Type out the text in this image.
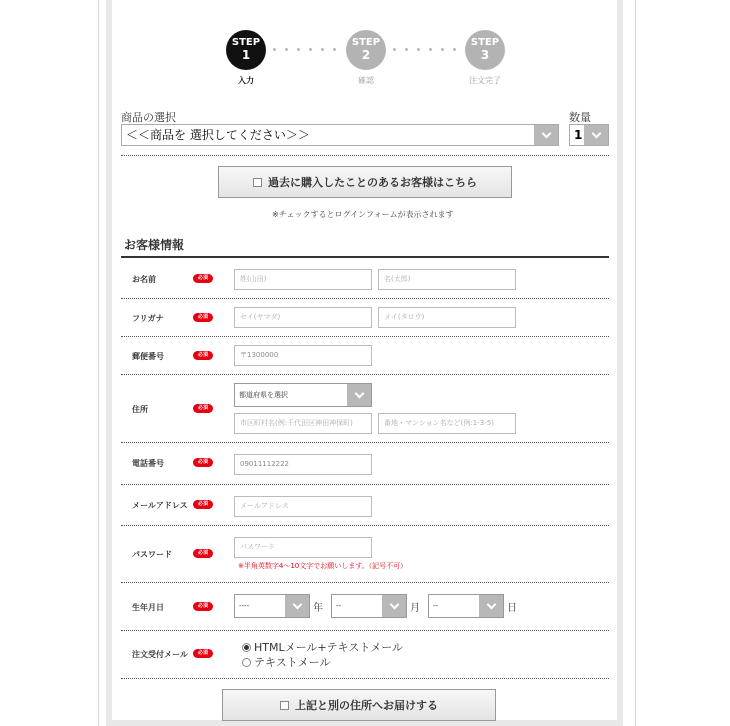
STEP
1
入力
STEP
2
確認
STEP
3
注文完了
商品の選択
＜＜商品を 選択してください＞＞
数量
1
過去に購入したことのあるお客様はこちら
※チェックするとログインフォームが表示されます
お客様情報
お名前	必須	姓(山田)	名(太郎)
フリガナ	必須	セイ(ヤマダ)	メイ(タロウ)
郵便番号	必須	〒1300000
住所	必須
都道府県を選択
市区町村名(例:千代田区神田神保町)	番地・マンション名など(例:1-3-5)
電話番号	必須	09011112222
メールアドレス	必須	メールアドレス
パスワード	必須
パスワード
※半角英数字4～10文字でお願いします。（記号不可）
生年月日	必須	----	年	--	月	--	日
注文受付メール	必須	HTMLメール+テキストメール
テキストメール
上記と別の住所へお届けする
